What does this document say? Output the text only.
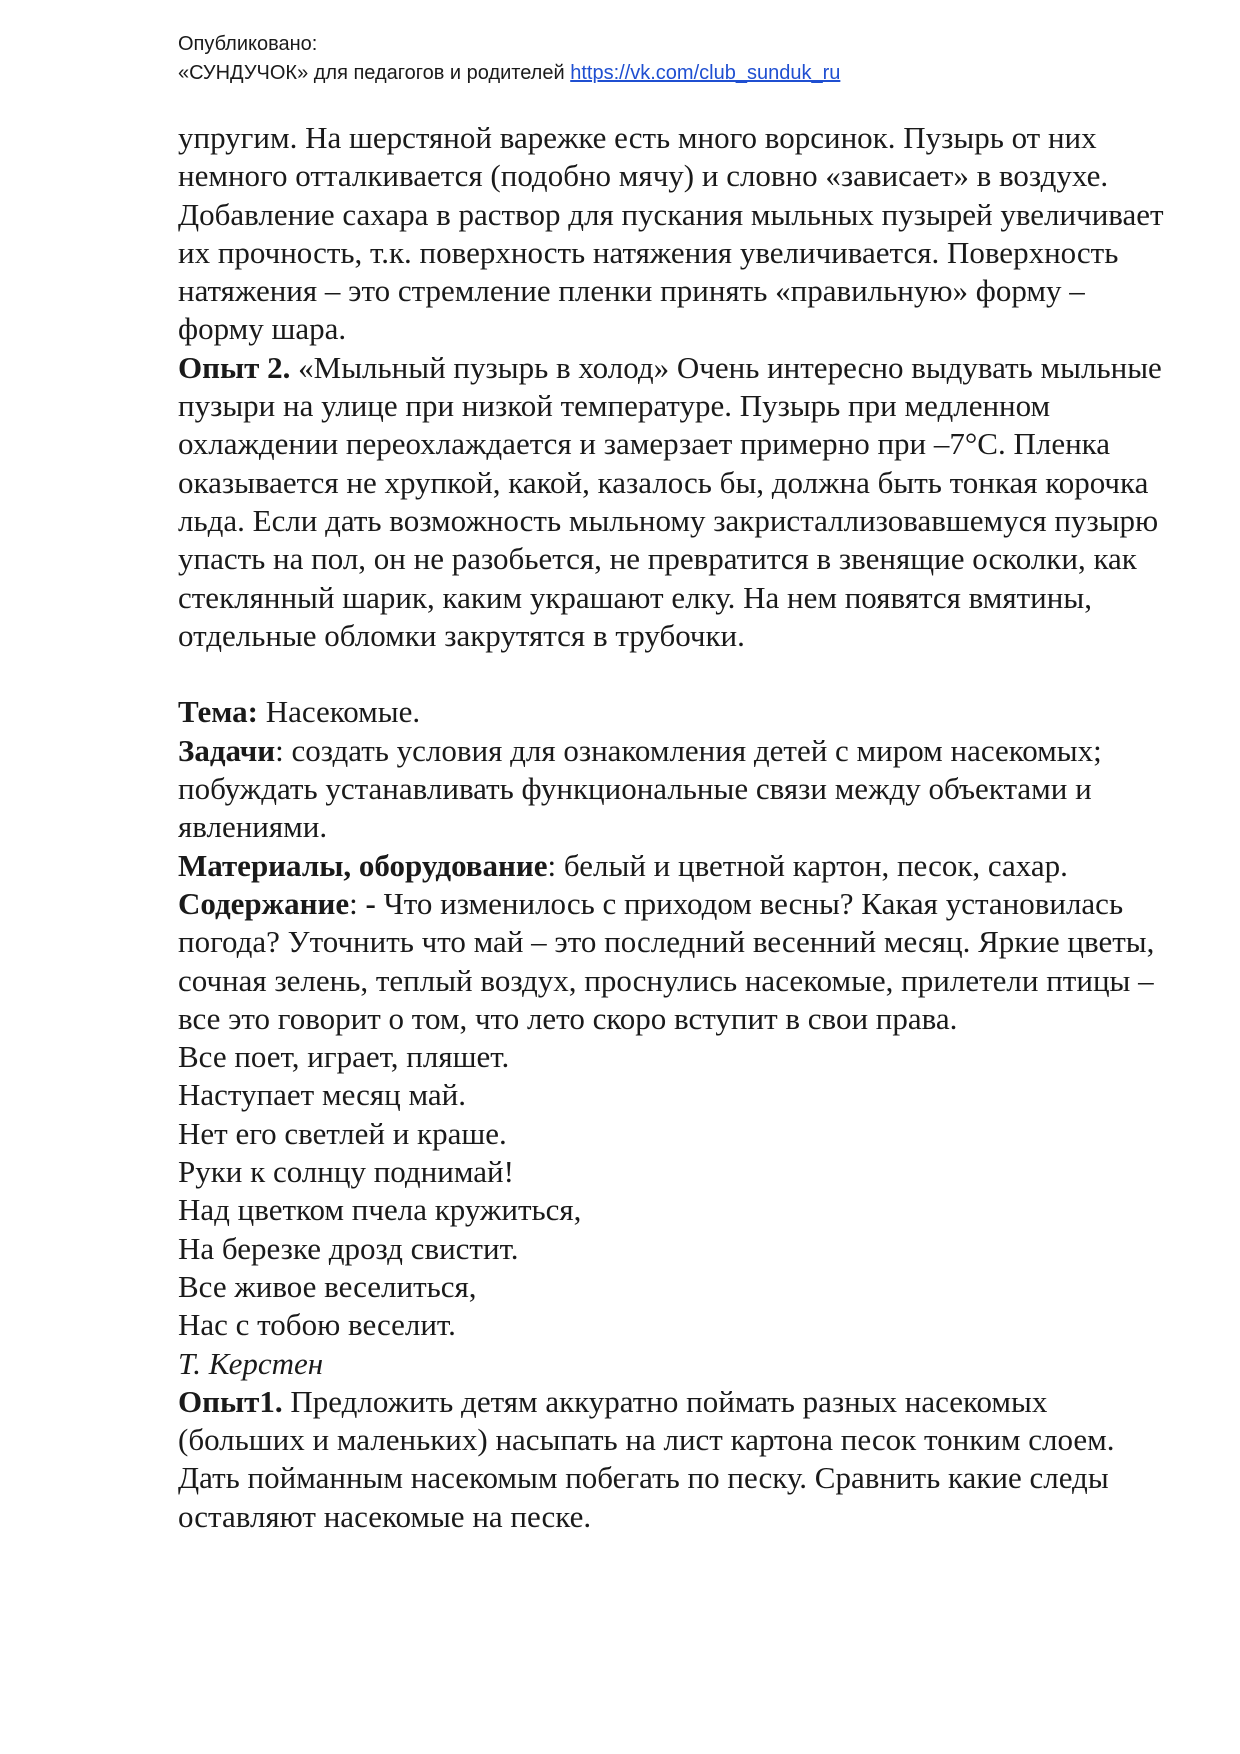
Опубликовано:
«СУНДУЧОК» для педагогов и родителей https://vk.com/club_sunduk_ru

упругим. На шерстяной варежке есть много ворсинок. Пузырь от них немного отталкивается (подобно мячу) и словно «зависает» в воздухе. Добавление сахара в раствор для пускания мыльных пузырей увеличивает их прочность, т.к. поверхность натяжения увеличивается. Поверхность натяжения – это стремление пленки принять «правильную» форму – форму шара.

Опыт 2. «Мыльный пузырь в холод» Очень интересно выдувать мыльные пузыри на улице при низкой температуре. Пузырь при медленном охлаждении переохлаждается и замерзает примерно при –7°С. Пленка оказывается не хрупкой, какой, казалось бы, должна быть тонкая корочка льда. Если дать возможность мыльному закристаллизовавшемуся пузырю упасть на пол, он не разобьется, не превратится в звенящие осколки, как стеклянный шарик, каким украшают елку. На нем появятся вмятины, отдельные обломки закрутятся в трубочки.

Тема: Насекомые.

Задачи: создать условия для ознакомления детей с миром насекомых; побуждать устанавливать функциональные связи между объектами и явлениями.

Материалы, оборудование: белый и цветной картон, песок, сахар.

Содержание: - Что изменилось с приходом весны? Какая установилась погода? Уточнить что май – это последний весенний месяц. Яркие цветы, сочная зелень, теплый воздух, проснулись насекомые, прилетели птицы – все это говорит о том, что лето скоро вступит в свои права.

Все поет, играет, пляшет.

Наступает месяц май.

Нет его светлей и краше.

Руки к солнцу поднимай!

Над цветком пчела кружиться,

На березке дрозд свистит.

Все живое веселиться,

Нас с тобою веселит.

Т. Керстен

Опыт1. Предложить детям аккуратно поймать разных насекомых (больших и маленьких) насыпать на лист картона песок тонким слоем. Дать пойманным насекомым побегать по песку. Сравнить какие следы оставляют насекомые на песке.
